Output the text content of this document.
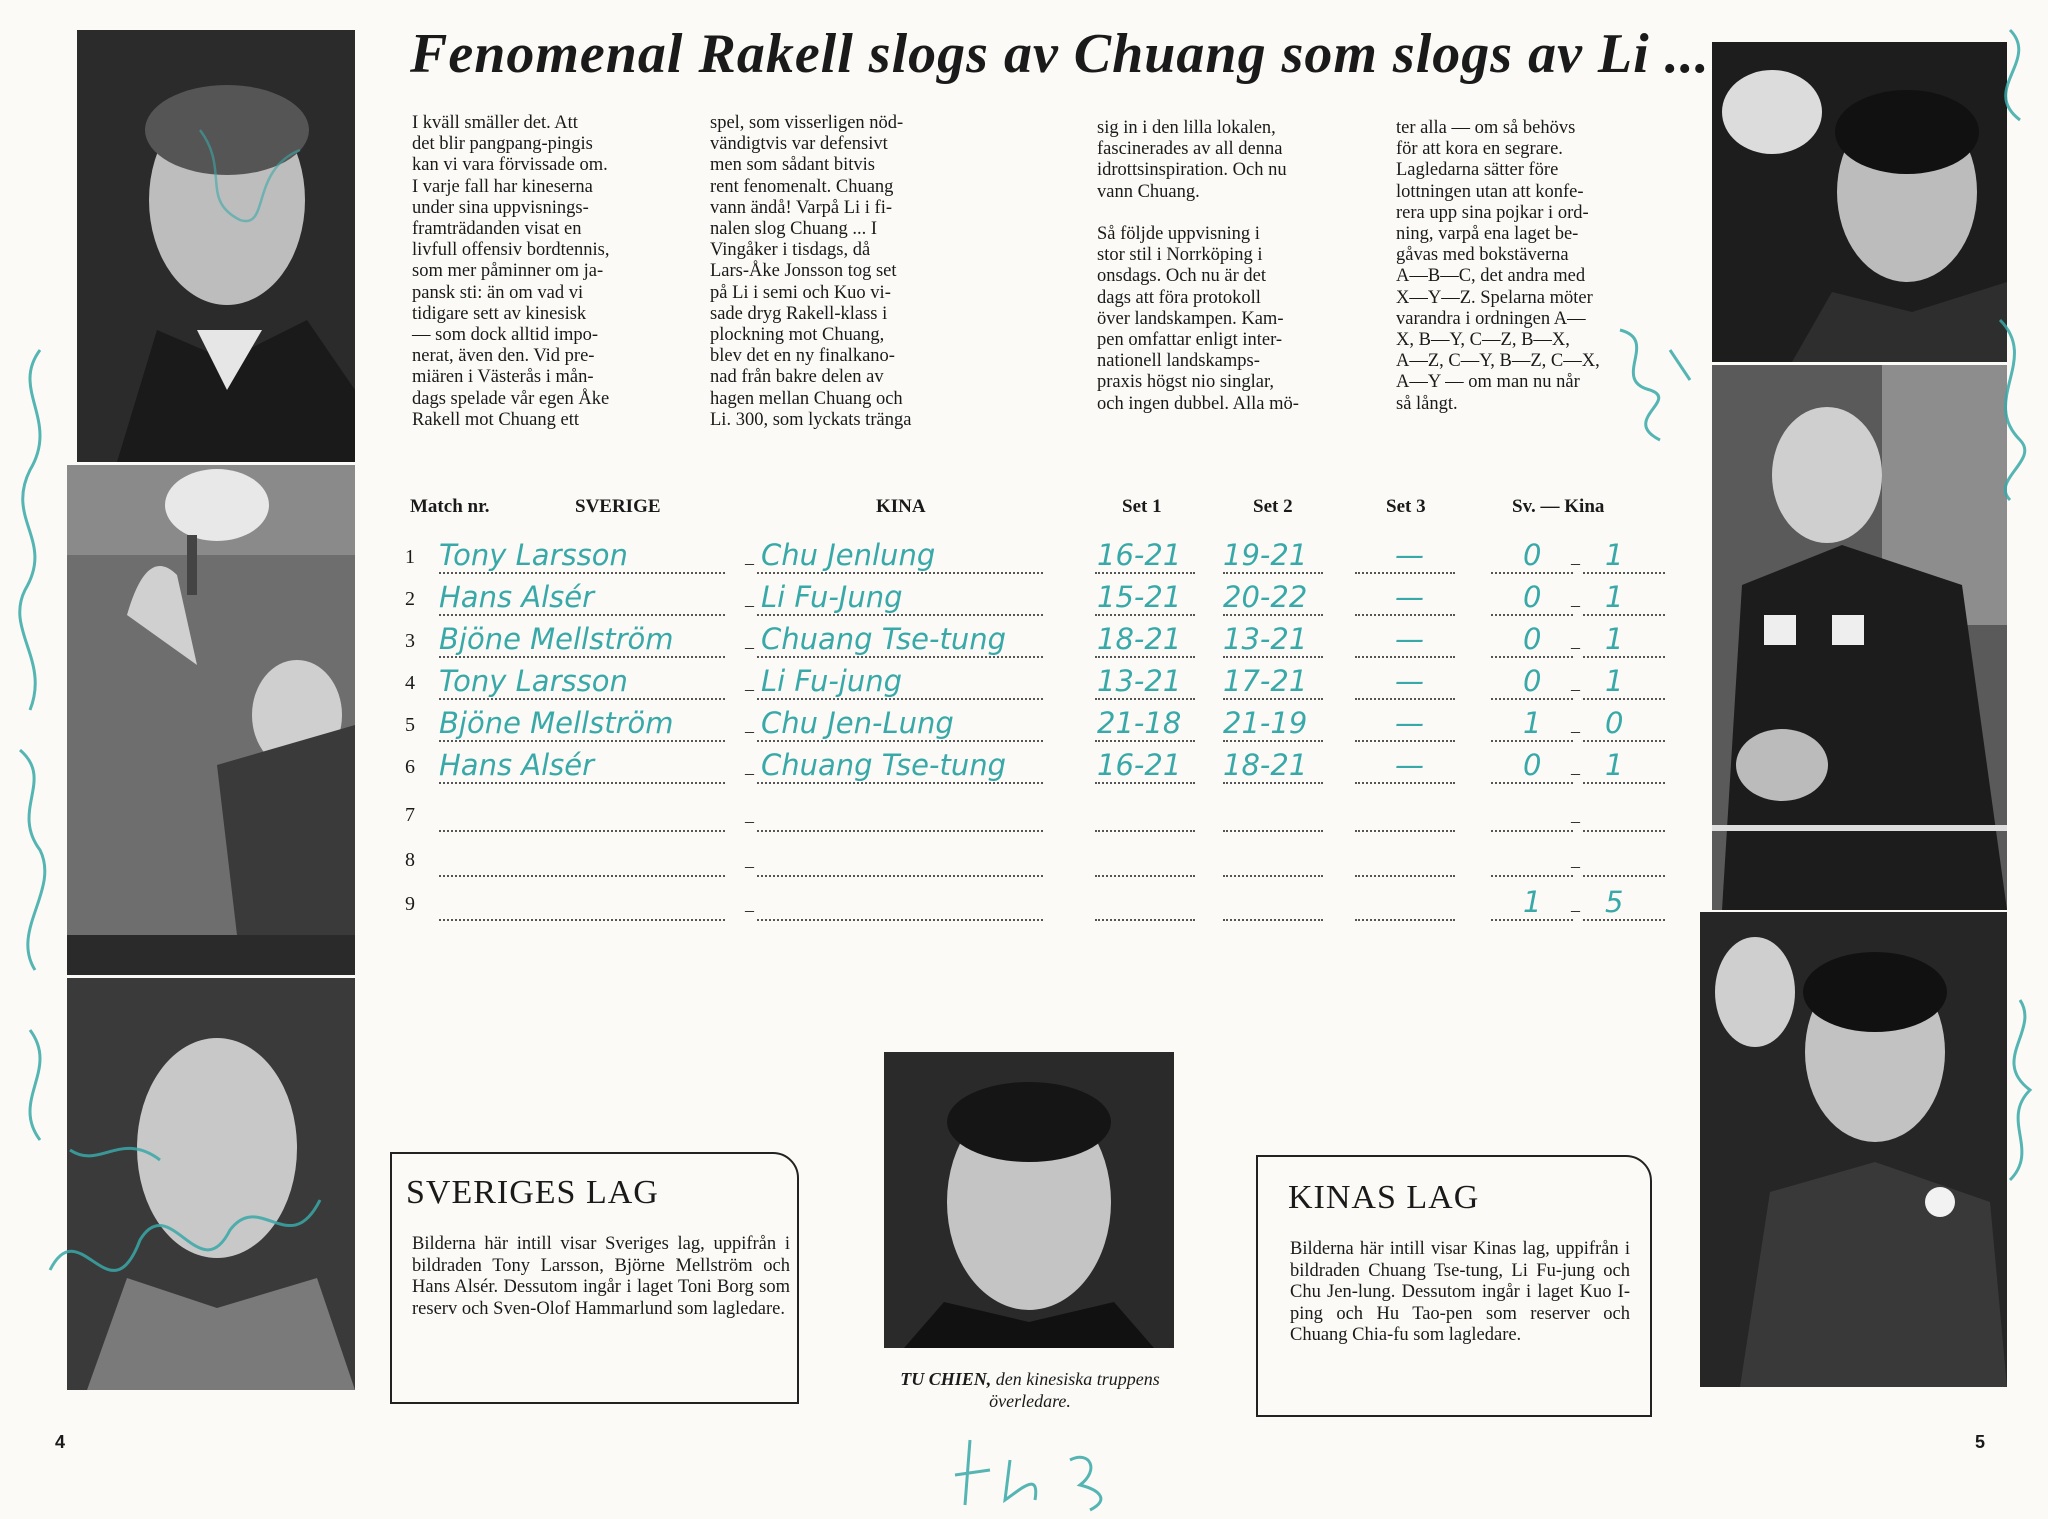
Fenomenal Rakell slogs av Chuang som slogs av Li ...
I kväll smäller det. Att
det blir pangpang-pingis
kan vi vara förvissade om.
I varje fall har kineserna
under sina uppvisnings-
framträdanden visat en
livfull offensiv bordtennis,
som mer påminner om ja-
pansk sti: än om vad vi
tidigare sett av kinesisk
— som dock alltid impo-
nerat, även den. Vid pre-
miären i Västerås i mån-
dags spelade vår egen Åke
Rakell mot Chuang ett
spel, som visserligen nöd-
vändigtvis var defensivt
men som sådant bitvis
rent fenomenalt. Chuang
vann ändå! Varpå Li i fi-
nalen slog Chuang ... I
Vingåker i tisdags, då
Lars-Åke Jonsson tog set
på Li i semi och Kuo vi-
sade dryg Rakell-klass i
plockning mot Chuang,
blev det en ny finalkano-
nad från bakre delen av
hagen mellan Chuang och
Li. 300, som lyckats tränga
sig in i den lilla lokalen,
fascinerades av all denna
idrottsinspiration. Och nu
vann Chuang.

Så följde uppvisning i
stor stil i Norrköping i
onsdags. Och nu är det
dags att föra protokoll
över landskampen. Kam-
pen omfattar enligt inter-
nationell landskamps-
praxis högst nio singlar,
och ingen dubbel. Alla mö-
ter alla — om så behövs
för att kora en segrare.
Lagledarna sätter före
lottningen utan att konfe-
rera upp sina pojkar i ord-
ning, varpå ena laget be-
gåvas med bokstäverna
A—B—C, det andra med
X—Y—Z. Spelarna möter
varandra i ordningen A—
X, B—Y, C—Z, B—X,
A—Z, C—Y, B—Z, C—X,
A—Y — om man nu når
så långt.
Match nr.	SVERIGE	KINA	Set 1	Set 2	Set 3	Sv. — Kina
1 Tony Larsson	– Chu Jenlung	16-21 19-21	—	0 – 1
2 Hans Alsér	– Li Fu-Jung	15-21 20-22	—	0 – 1
3 Bjöne Mellström	– Chuang Tse-tung	18-21 13-21	—	0 – 1
4 Tony Larsson	– Li Fu-jung	13-21 17-21	—	0 – 1
5 Bjöne Mellström	– Chu Jen-Lung	21-18 21-19	—	1 – 0
6 Hans Alsér	– Chuang Tse-tung	16-21 18-21	—	0 – 1
7	–	–
8	–	–
9	–	1 – 5
SVERIGES LAG

Bilderna här intill visar Sveriges lag, uppifrån i bildraden Tony Larsson, Björne Mellström och Hans Alsér. Dessutom ingår i laget Toni Borg som reserv och Sven-Olof Hammarlund som lagledare.

TU CHIEN, den kinesiska truppens överledare.
KINAS LAG

Bilderna här intill visar Kinas lag, uppifrån i bildraden Chuang Tse-tung, Li Fu-jung och Chu Jen-lung. Dessutom ingår i laget Kuo I-ping och Hu Tao-pen som reserver och Chuang Chia-fu som lagledare.

4	5
